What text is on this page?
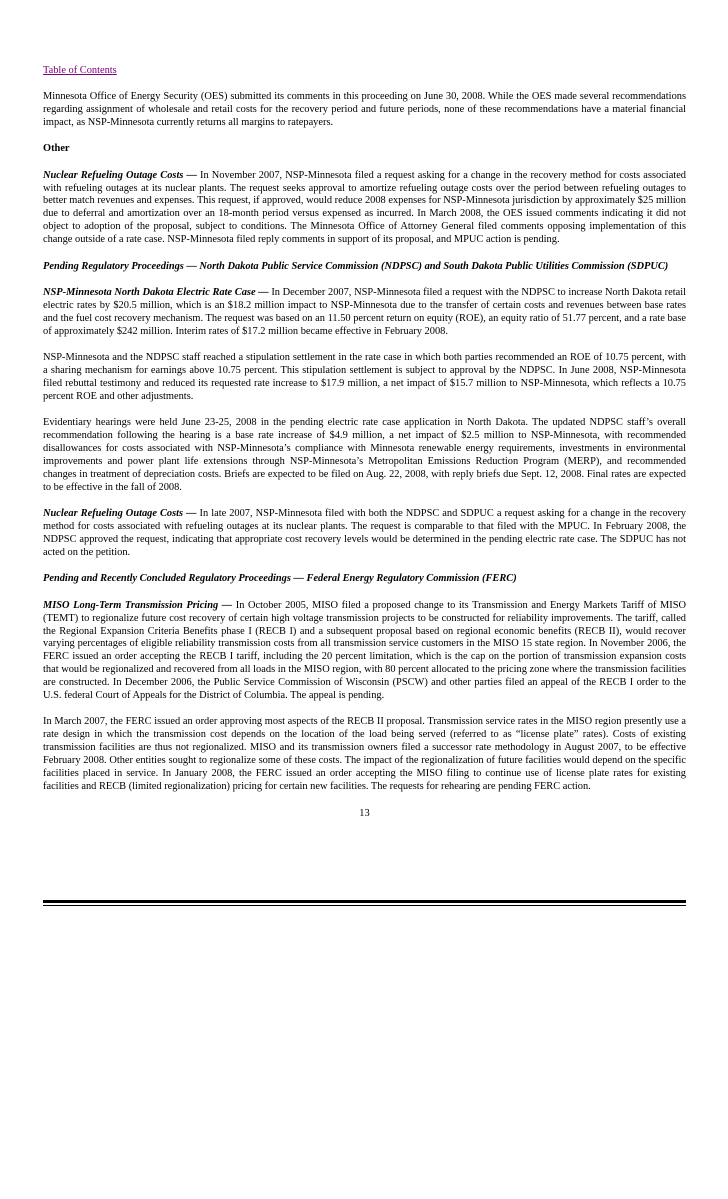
Table of Contents

Minnesota Office of Energy Security (OES) submitted its comments in this proceeding on June 30, 2008. While the OES made several recommendations regarding assignment of wholesale and retail costs for the recovery period and future periods, none of these recommendations have a material financial impact, as NSP-Minnesota currently returns all margins to ratepayers.

Other

Nuclear Refueling Outage Costs — In November 2007, NSP-Minnesota filed a request asking for a change in the recovery method for costs associated with refueling outages at its nuclear plants. The request seeks approval to amortize refueling outage costs over the period between refueling outages to better match revenues and expenses. This request, if approved, would reduce 2008 expenses for NSP-Minnesota jurisdiction by approximately $25 million due to deferral and amortization over an 18-month period versus expensed as incurred. In March 2008, the OES issued comments indicating it did not object to adoption of the proposal, subject to conditions. The Minnesota Office of Attorney General filed comments opposing implementation of this change outside of a rate case. NSP-Minnesota filed reply comments in support of its proposal, and MPUC action is pending.

Pending Regulatory Proceedings — North Dakota Public Service Commission (NDPSC) and South Dakota Public Utilities Commission (SDPUC)

NSP-Minnesota North Dakota Electric Rate Case — In December 2007, NSP-Minnesota filed a request with the NDPSC to increase North Dakota retail electric rates by $20.5 million, which is an $18.2 million impact to NSP-Minnesota due to the transfer of certain costs and revenues between base rates and the fuel cost recovery mechanism. The request was based on an 11.50 percent return on equity (ROE), an equity ratio of 51.77 percent, and a rate base of approximately $242 million. Interim rates of $17.2 million became effective in February 2008.

NSP-Minnesota and the NDPSC staff reached a stipulation settlement in the rate case in which both parties recommended an ROE of 10.75 percent, with a sharing mechanism for earnings above 10.75 percent. This stipulation settlement is subject to approval by the NDPSC. In June 2008, NSP-Minnesota filed rebuttal testimony and reduced its requested rate increase to $17.9 million, a net impact of $15.7 million to NSP-Minnesota, which reflects a 10.75 percent ROE and other adjustments.

Evidentiary hearings were held June 23-25, 2008 in the pending electric rate case application in North Dakota. The updated NDPSC staff’s overall recommendation following the hearing is a base rate increase of $4.9 million, a net impact of $2.5 million to NSP-Minnesota, with recommended disallowances for costs associated with NSP-Minnesota’s compliance with Minnesota renewable energy requirements, investments in environmental improvements and power plant life extensions through NSP-Minnesota’s Metropolitan Emissions Reduction Program (MERP), and recommended changes in treatment of depreciation costs. Briefs are expected to be filed on Aug. 22, 2008, with reply briefs due Sept. 12, 2008. Final rates are expected to be effective in the fall of 2008.

Nuclear Refueling Outage Costs — In late 2007, NSP-Minnesota filed with both the NDPSC and SDPUC a request asking for a change in the recovery method for costs associated with refueling outages at its nuclear plants. The request is comparable to that filed with the MPUC. In February 2008, the NDPSC approved the request, indicating that appropriate cost recovery levels would be determined in the pending electric rate case. The SDPUC has not acted on the petition.

Pending and Recently Concluded Regulatory Proceedings — Federal Energy Regulatory Commission (FERC)

MISO Long-Term Transmission Pricing — In October 2005, MISO filed a proposed change to its Transmission and Energy Markets Tariff of MISO (TEMT) to regionalize future cost recovery of certain high voltage transmission projects to be constructed for reliability improvements. The tariff, called the Regional Expansion Criteria Benefits phase I (RECB I) and a subsequent proposal based on regional economic benefits (RECB II), would recover varying percentages of eligible reliability transmission costs from all transmission service customers in the MISO 15 state region. In November 2006, the FERC issued an order accepting the RECB I tariff, including the 20 percent limitation, which is the cap on the portion of transmission expansion costs that would be regionalized and recovered from all loads in the MISO region, with 80 percent allocated to the pricing zone where the transmission facilities are constructed. In December 2006, the Public Service Commission of Wisconsin (PSCW) and other parties filed an appeal of the RECB I order to the U.S. federal Court of Appeals for the District of Columbia. The appeal is pending.

In March 2007, the FERC issued an order approving most aspects of the RECB II proposal. Transmission service rates in the MISO region presently use a rate design in which the transmission cost depends on the location of the load being served (referred to as “license plate” rates). Costs of existing transmission facilities are thus not regionalized. MISO and its transmission owners filed a successor rate methodology in August 2007, to be effective February 2008. Other entities sought to regionalize some of these costs. The impact of the regionalization of future facilities would depend on the specific facilities placed in service. In January 2008, the FERC issued an order accepting the MISO filing to continue use of license plate rates for existing facilities and RECB (limited regionalization) pricing for certain new facilities. The requests for rehearing are pending FERC action.

13
